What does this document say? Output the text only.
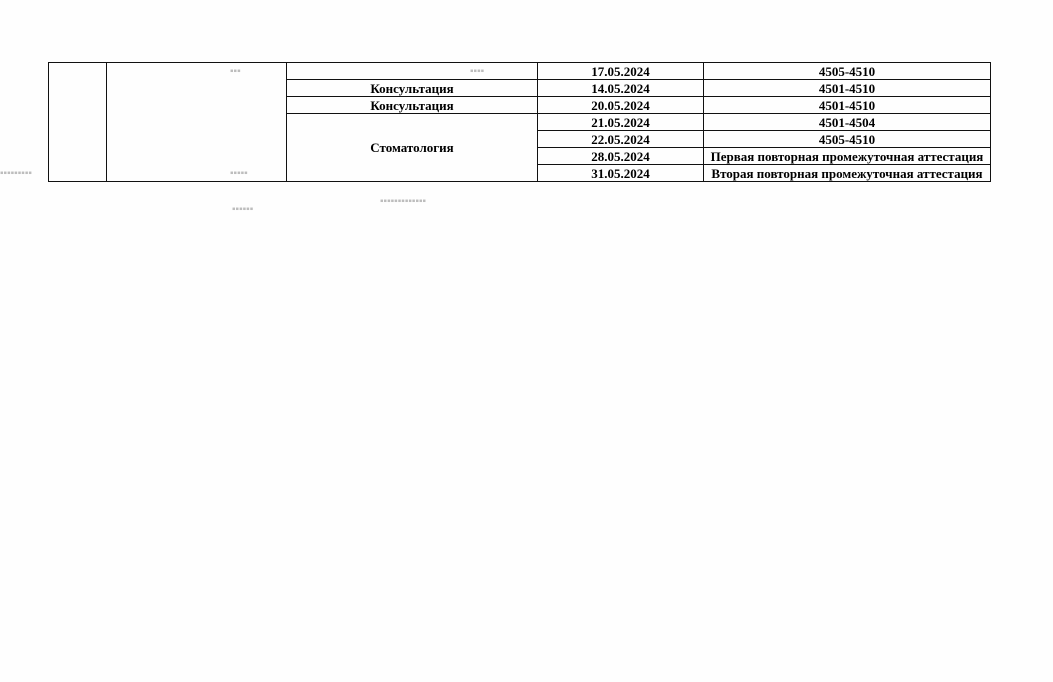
			17.05.2024	4505-4510
		Консультация	14.05.2024	4501-4510
		Консультация	20.05.2024	4501-4510
		Стоматология	21.05.2024	4501-4504
			22.05.2024	4505-4510
			28.05.2024	Первая повторная промежуточная аттестация
			31.05.2024	Вторая повторная промежуточная аттестация
▪▪▪▪▪▪▪▪▪
▪▪▪
▪▪▪▪▪
▪▪▪▪▪▪
▪▪▪▪▪▪▪▪▪▪▪▪▪
▪▪▪▪
